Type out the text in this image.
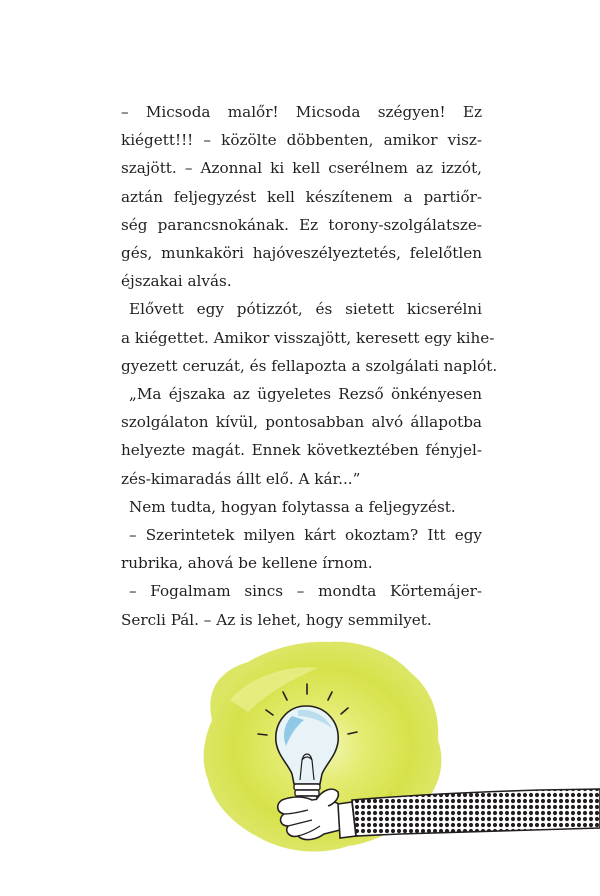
– Micsoda malőr! Micsoda szégyen! Ez
kiégett!!! – közölte döbbenten, amikor visz-
szajött. – Azonnal ki kell cserélnem az izzót,
aztán feljegyzést kell készítenem a partiőr-
ség parancsnokának. Ez torony-szolgálatsze-
gés, munkaköri hajóveszélyeztetés, felelőtlen
éjszakai alvás.

Elővett egy pótizzót, és sietett kicserélni
a kiégettet. Amikor visszajött, keresett egy kihe-
gyezett ceruzát, és fellapozta a szolgálati naplót.

„Ma éjszaka az ügyeletes Rezső önkényesen
szolgálaton kívül, pontosabban alvó állapotba
helyezte magát. Ennek következtében fényjel-
zés-kimaradás állt elő. A kár...”

Nem tudta, hogyan folytassa a feljegyzést.

– Szerintetek milyen kárt okoztam? Itt egy
rubrika, ahová be kellene írnom.

– Fogalmam sincs – mondta Körtemájer-
Sercli Pál. – Az is lehet, hogy semmilyet.
